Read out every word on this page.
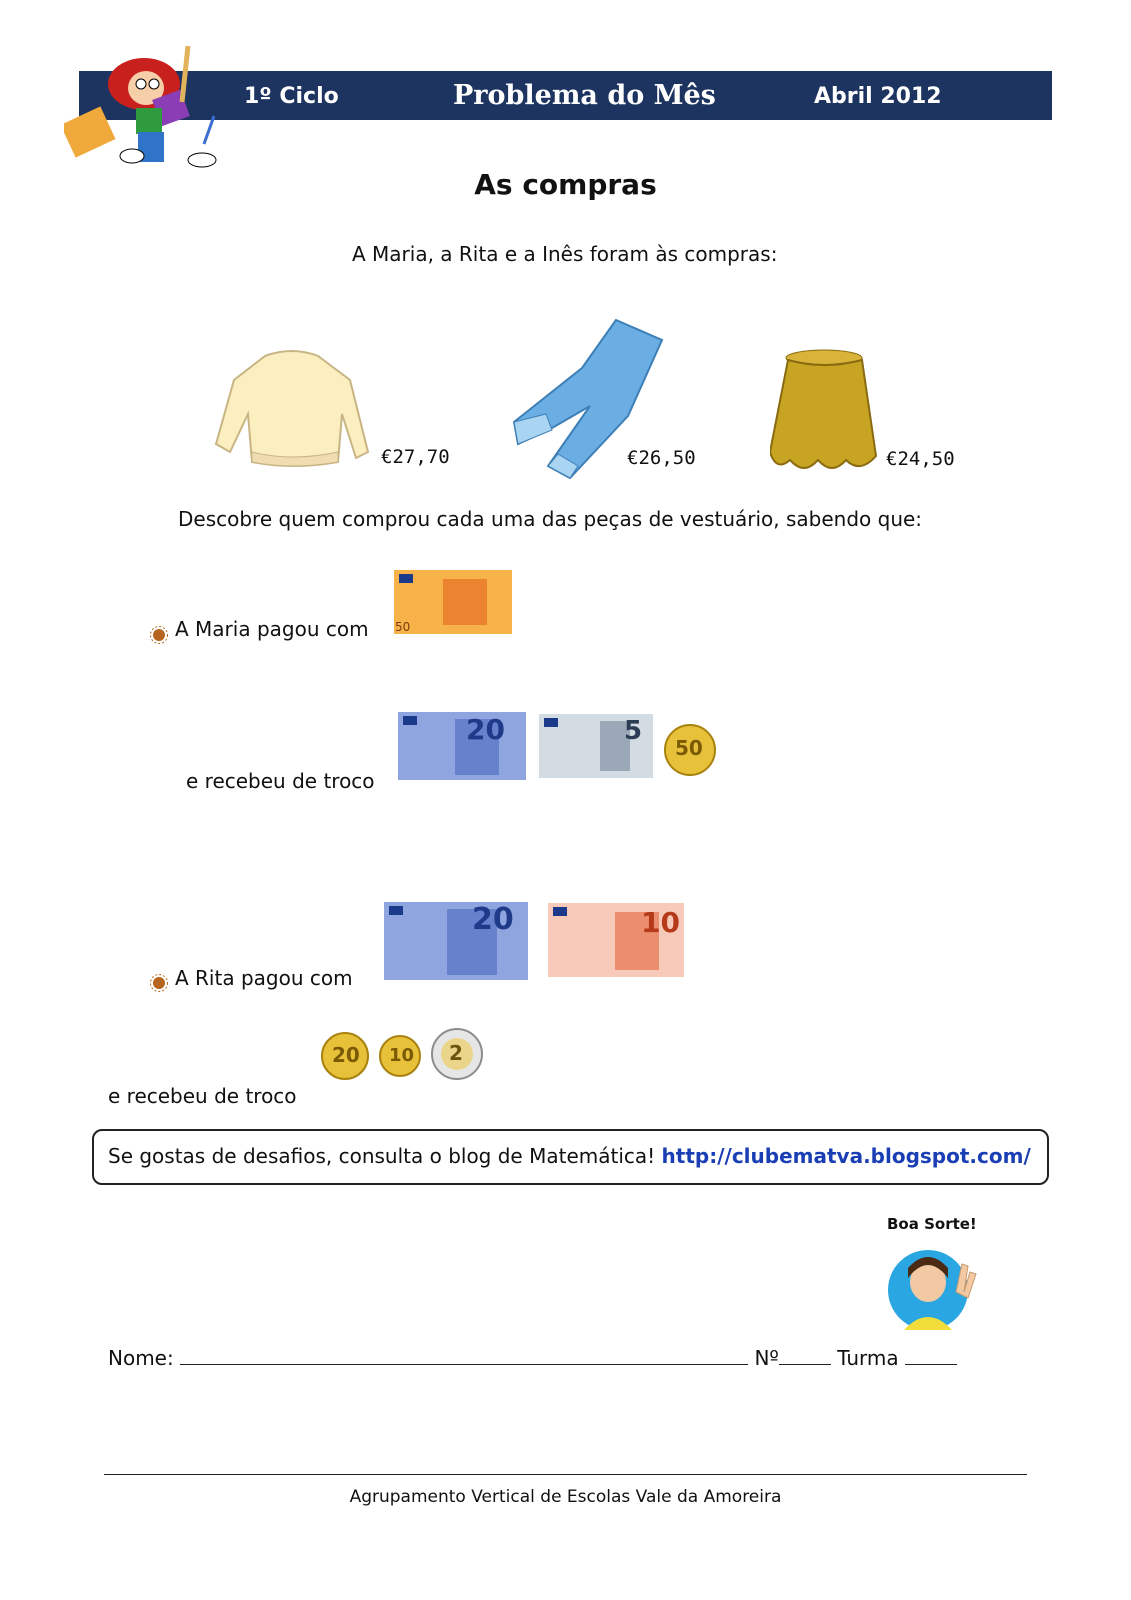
1º Ciclo	Problema do Mês	Abril 2012
As compras
A Maria, a Rita e a Inês foram às compras:
€27,70	€26,50	€24,50
Descobre quem comprou cada uma das peças de vestuário, sabendo que:
A Maria pagou com 50
e recebeu de troco
20	5
50
A Rita pagou com
20	10
e recebeu de troco
20 10 2
Se gostas de desafios, consulta o blog de Matemática! http://clubematva.blogspot.com/
Boa Sorte!
Nome:	Nº	Turma
Agrupamento Vertical de Escolas Vale da Amoreira
